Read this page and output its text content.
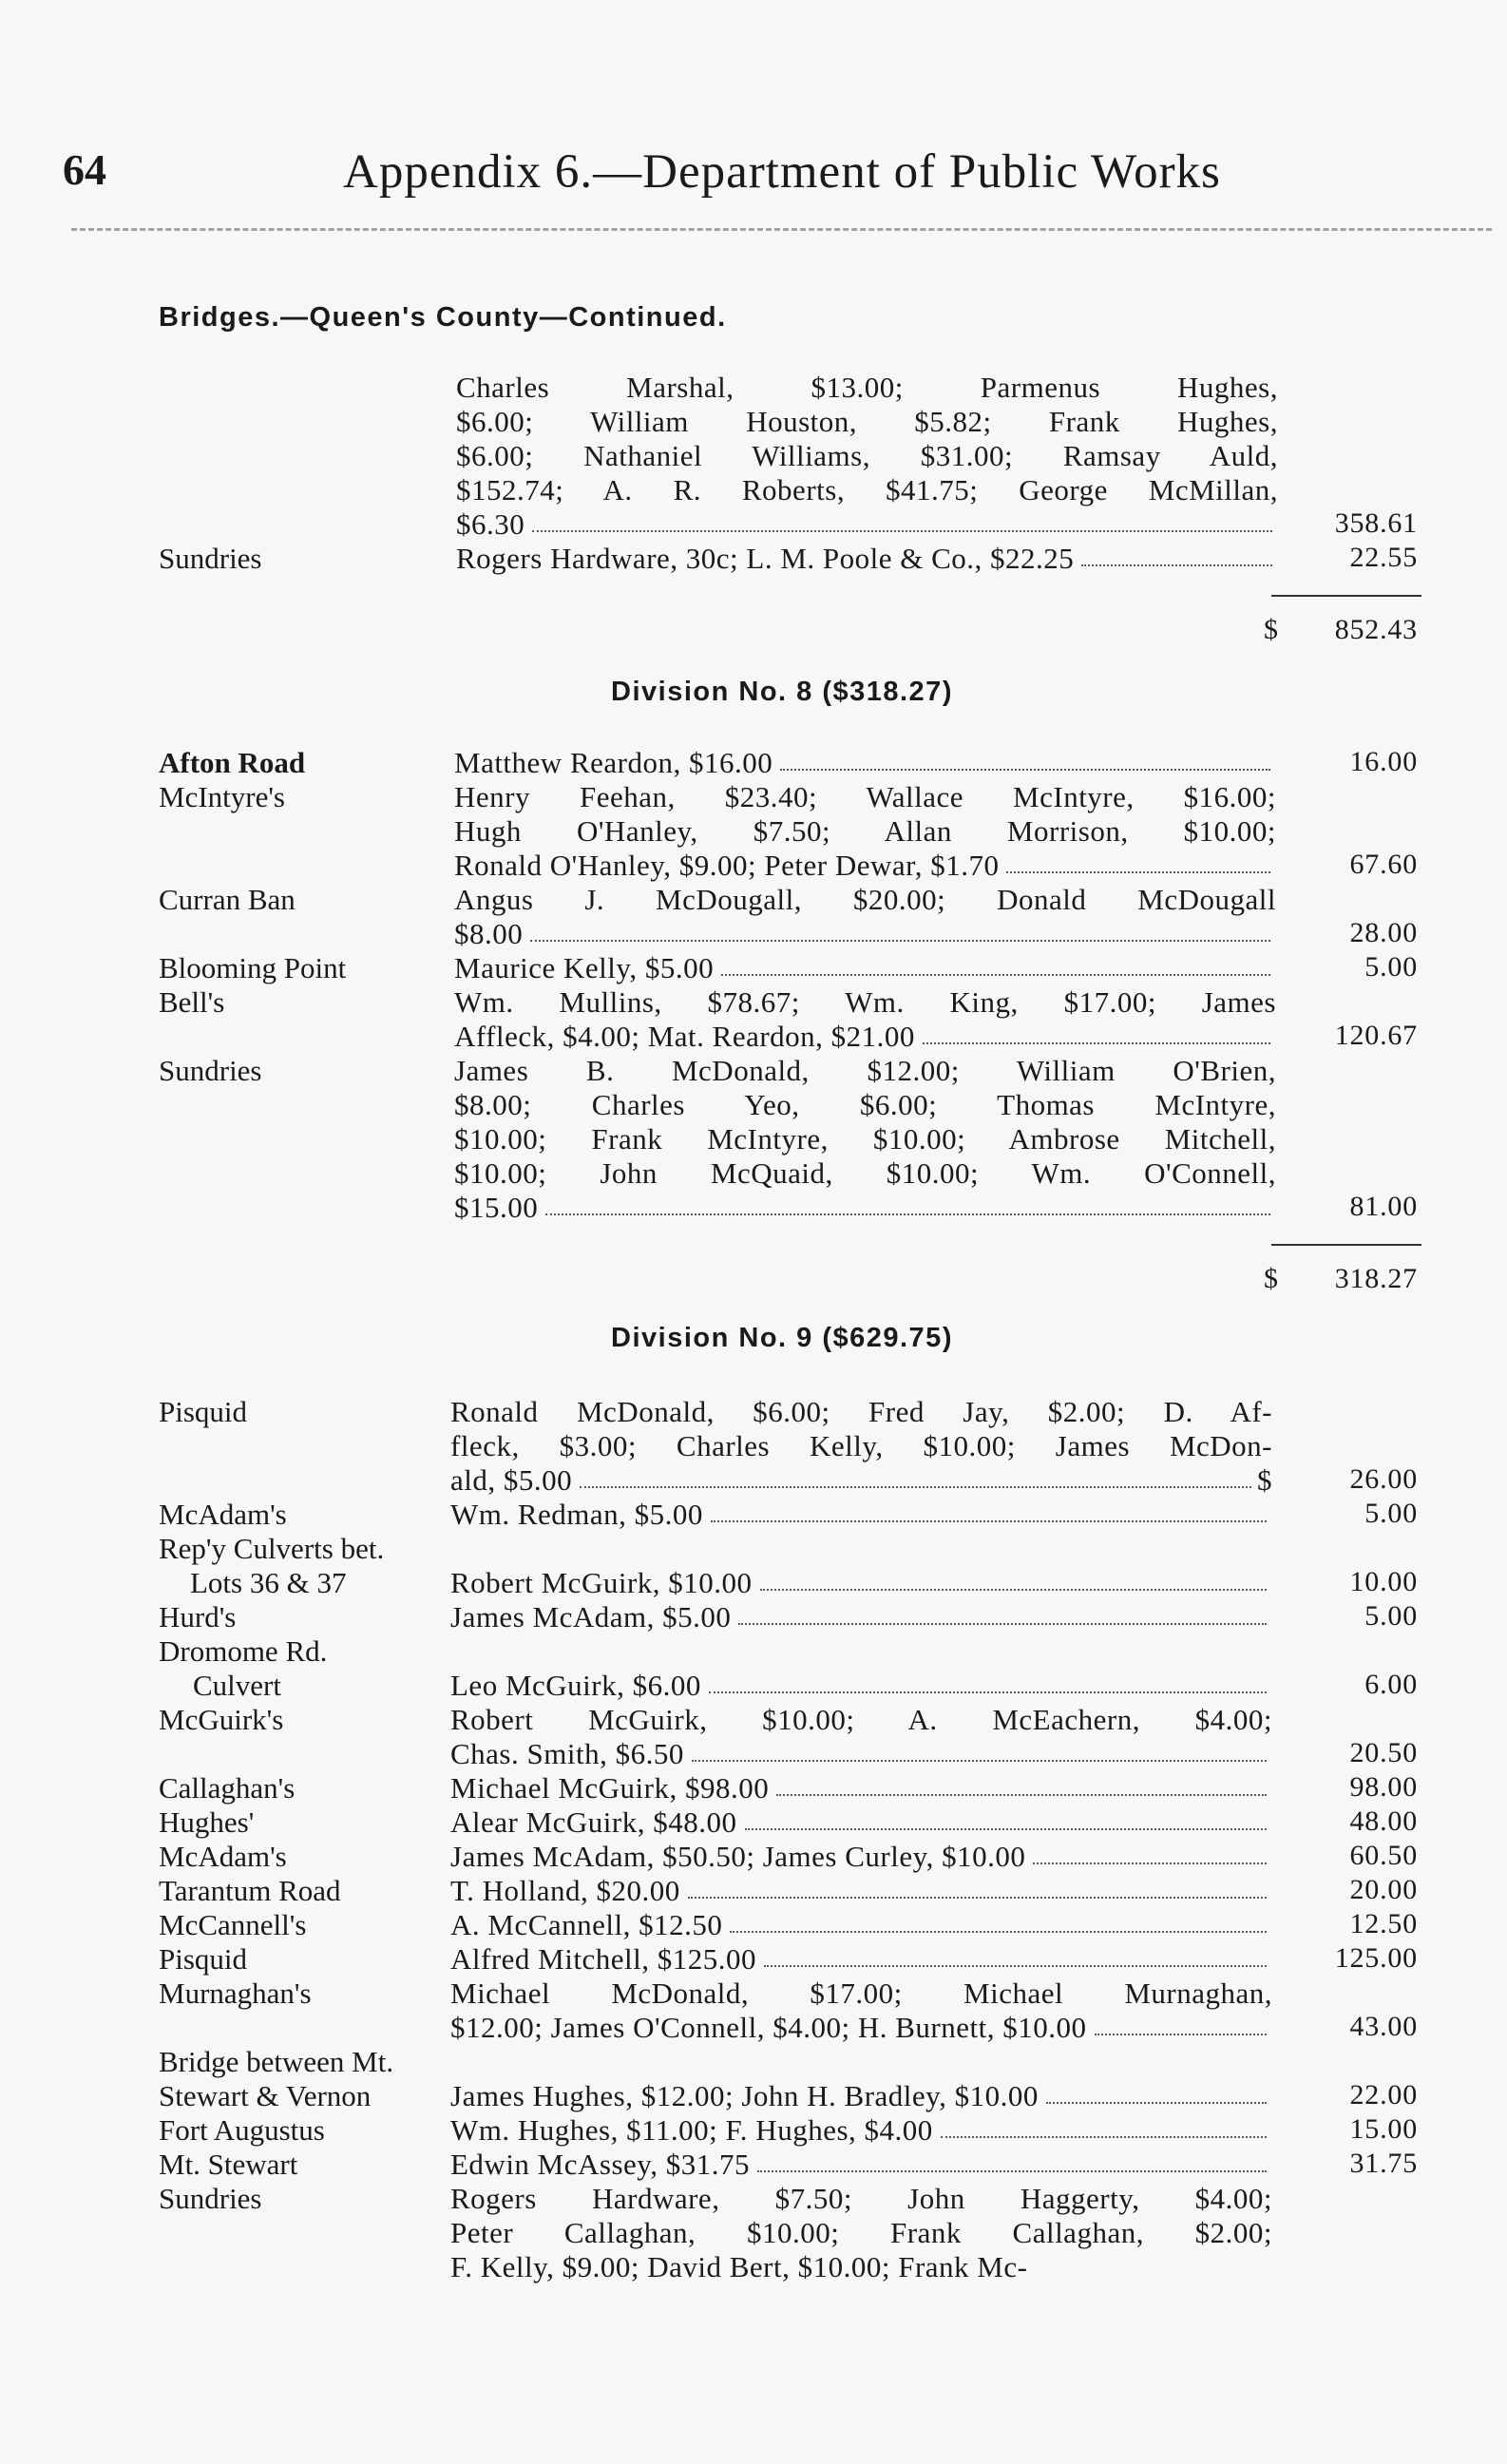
64	Appendix 6.—Department of Public Works
Bridges.—Queen's County—Continued.
Charles Marshal, $13.00; Parmenus Hughes,
$6.00; William Houston, $5.82; Frank Hughes,
$6.00; Nathaniel Williams, $31.00; Ramsay Auld,
$152.74; A. R. Roberts, $41.75; George McMillan,
$6.30	358.61
Sundries	Rogers Hardware, 30c; L. M. Poole & Co., $22.25	22.55
$	852.43
Division No. 8 ($318.27)
Afton Road	Matthew Reardon, $16.00	16.00
McIntyre's	Henry Feehan, $23.40; Wallace McIntyre, $16.00;
Hugh O'Hanley, $7.50; Allan Morrison, $10.00;
Ronald O'Hanley, $9.00; Peter Dewar, $1.70	67.60
Curran Ban	Angus J. McDougall, $20.00; Donald McDougall
$8.00	28.00
Blooming Point	Maurice Kelly, $5.00	5.00
Bell's	Wm. Mullins, $78.67; Wm. King, $17.00; James
Affleck, $4.00; Mat. Reardon, $21.00	120.67
Sundries	James B. McDonald, $12.00; William O'Brien,
$8.00; Charles Yeo, $6.00; Thomas McIntyre,
$10.00; Frank McIntyre, $10.00; Ambrose Mitchell,
$10.00; John McQuaid, $10.00; Wm. O'Connell,
$15.00	81.00
$	318.27
Division No. 9 ($629.75)
Pisquid	Ronald McDonald, $6.00; Fred Jay, $2.00; D. Af-
fleck, $3.00; Charles Kelly, $10.00; James McDon-
ald, $5.00	$	26.00
McAdam's	Wm. Redman, $5.00	5.00
Rep'y Culverts bet.
Lots 36 & 37	Robert McGuirk, $10.00	10.00
Hurd's	James McAdam, $5.00	5.00
Dromome Rd.
Culvert	Leo McGuirk, $6.00	6.00
McGuirk's	Robert McGuirk, $10.00; A. McEachern, $4.00;
Chas. Smith, $6.50	20.50
Callaghan's	Michael McGuirk, $98.00	98.00
Hughes'	Alear McGuirk, $48.00	48.00
McAdam's	James McAdam, $50.50; James Curley, $10.00	60.50
Tarantum Road	T. Holland, $20.00	20.00
McCannell's	A. McCannell, $12.50	12.50
Pisquid	Alfred Mitchell, $125.00	125.00
Murnaghan's	Michael McDonald, $17.00; Michael Murnaghan,
$12.00; James O'Connell, $4.00; H. Burnett, $10.00	43.00
Bridge between Mt.
Stewart & Vernon	James Hughes, $12.00; John H. Bradley, $10.00	22.00
Fort Augustus	Wm. Hughes, $11.00; F. Hughes, $4.00	15.00
Mt. Stewart	Edwin McAssey, $31.75	31.75
Sundries	Rogers Hardware, $7.50; John Haggerty, $4.00;
Peter Callaghan, $10.00; Frank Callaghan, $2.00;
F. Kelly, $9.00; David Bert, $10.00; Frank Mc-
